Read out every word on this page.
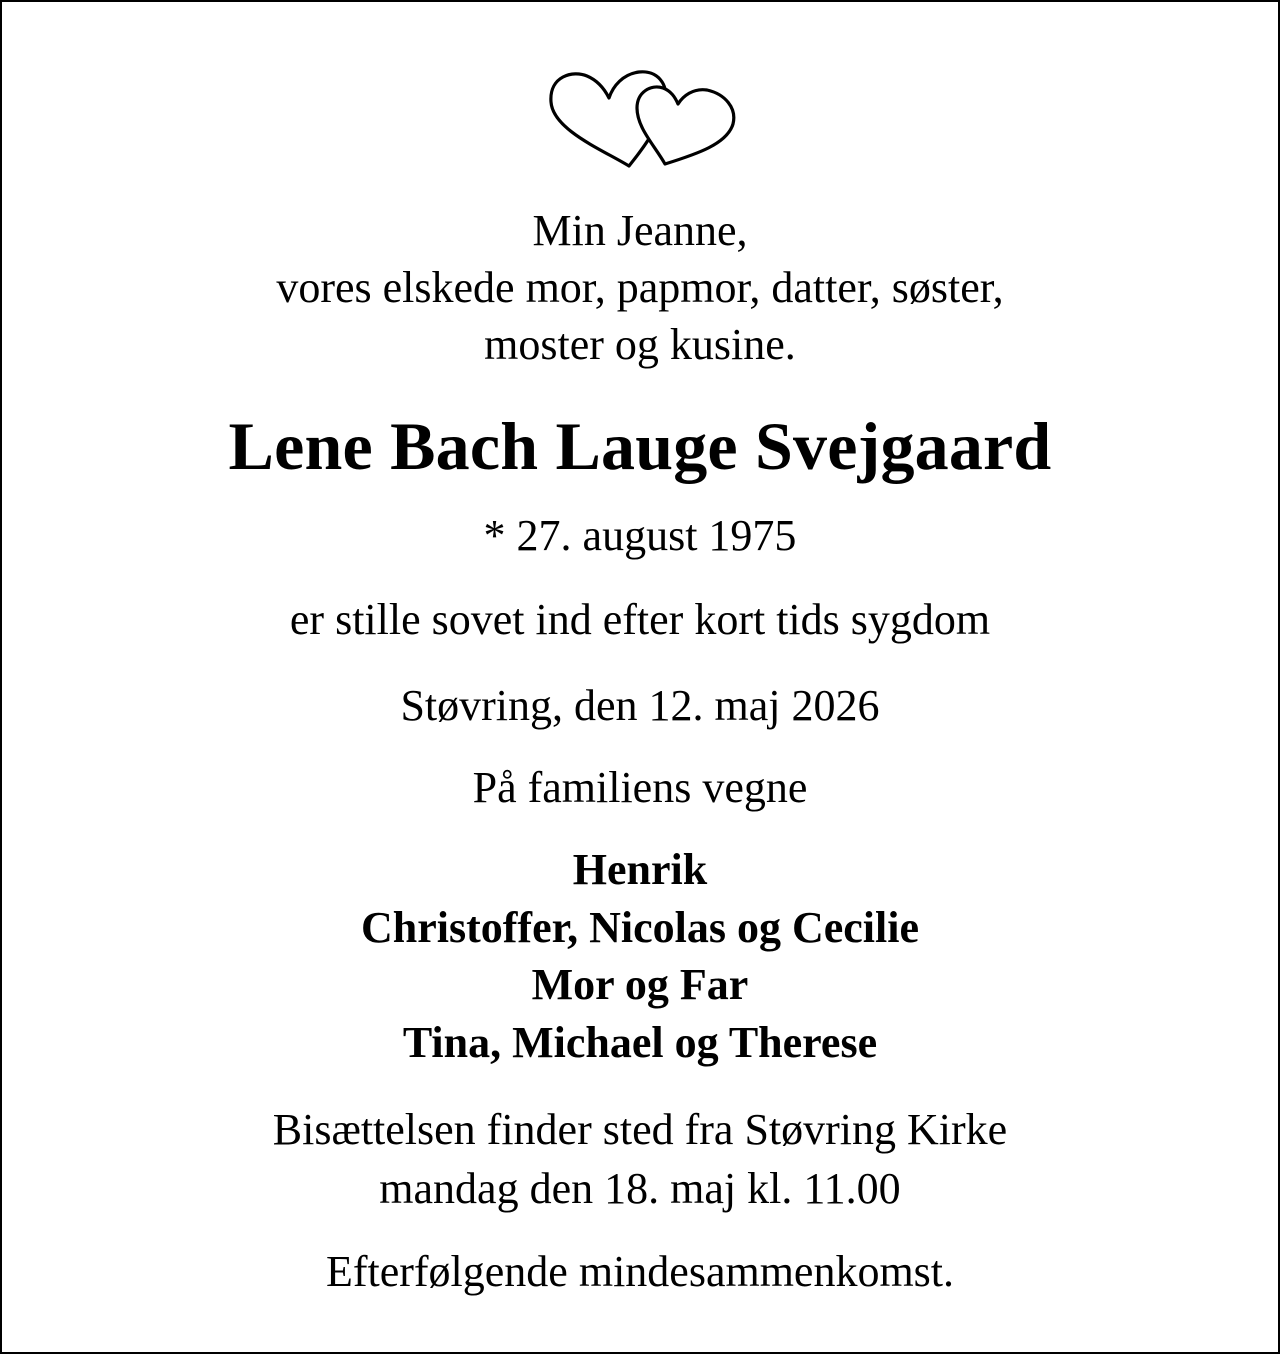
Min Jeanne,
vores elskede mor, papmor, datter, søster,
moster og kusine.

Lene Bach Lauge Svejgaard

* 27. august 1975

er stille sovet ind efter kort tids sygdom

Støvring, den 12. maj 2026

På familiens vegne

Henrik
Christoffer, Nicolas og Cecilie
Mor og Far
Tina, Michael og Therese

Bisættelsen finder sted fra Støvring Kirke
mandag den 18. maj kl. 11.00

Efterfølgende mindesammenkomst.
